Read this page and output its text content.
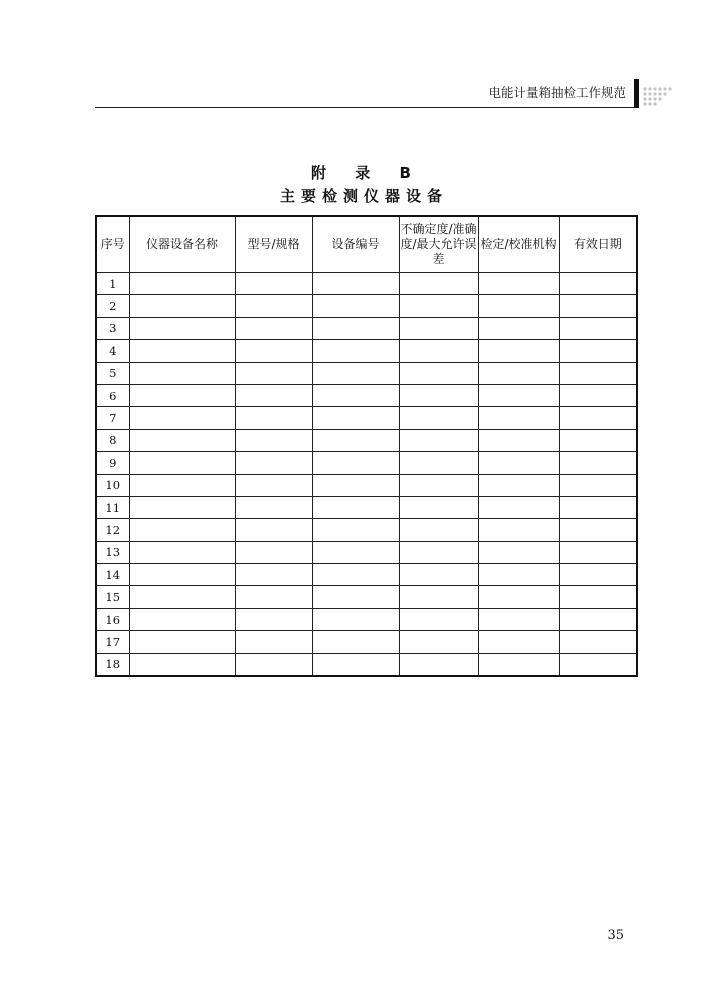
电能计量箱抽检工作规范
附 录 B
主要检测仪器设备
序号	仪器设备名称	型号/规格	设备编号	不确定度/准确度/最大允许误差	检定/校准机构	有效日期
1						
2						
3						
4						
5						
6						
7						
8						
9						
10						
11						
12						
13						
14						
15						
16						
17						
18						
35
